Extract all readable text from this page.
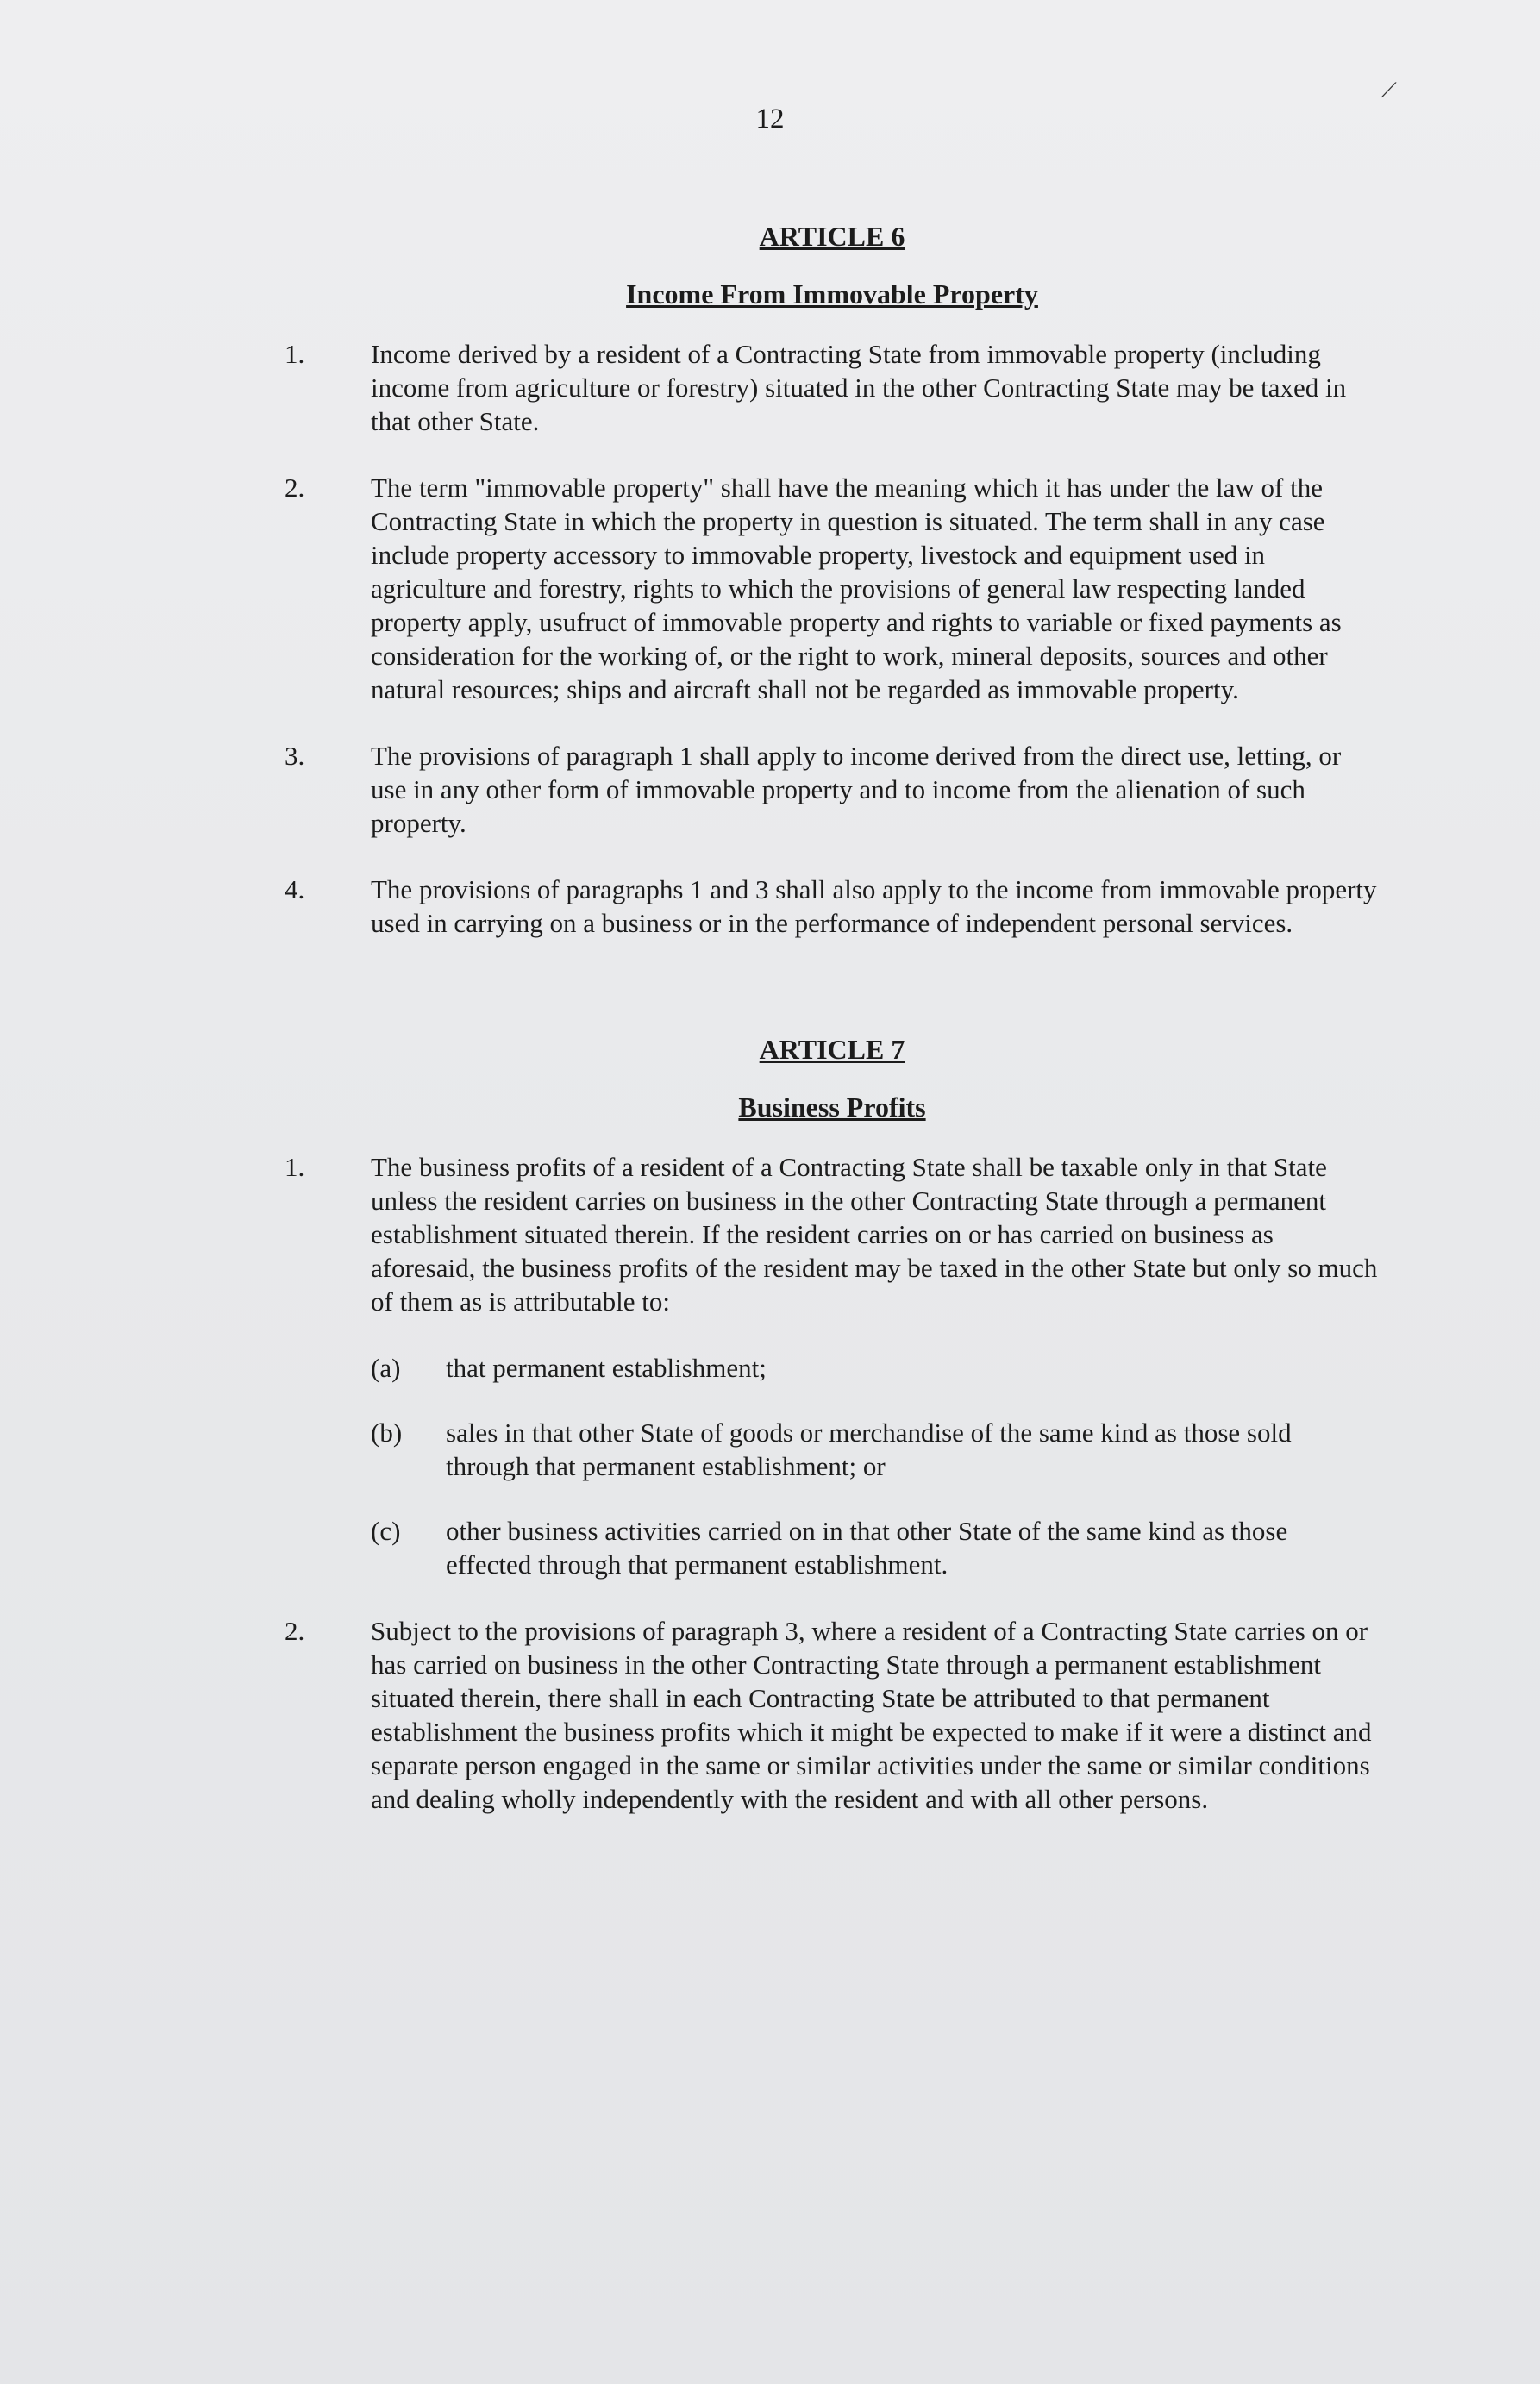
∕
12
ARTICLE 6
Income From Immovable Property
1. Income derived by a resident of a Contracting State from immovable property (including income from agriculture or forestry) situated in the other Contracting State may be taxed in that other State.
2. The term "immovable property" shall have the meaning which it has under the law of the Contracting State in which the property in question is situated. The term shall in any case include property accessory to immovable property, livestock and equipment used in agriculture and forestry, rights to which the provisions of general law respecting landed property apply, usufruct of immovable property and rights to variable or fixed payments as consideration for the working of, or the right to work, mineral deposits, sources and other natural resources; ships and aircraft shall not be regarded as immovable property.
3. The provisions of paragraph 1 shall apply to income derived from the direct use, letting, or use in any other form of immovable property and to income from the alienation of such property.
4. The provisions of paragraphs 1 and 3 shall also apply to the income from immovable property used in carrying on a business or in the performance of independent personal services.
ARTICLE 7
Business Profits
1. The business profits of a resident of a Contracting State shall be taxable only in that State unless the resident carries on business in the other Contracting State through a permanent establishment situated therein. If the resident carries on or has carried on business as aforesaid, the business profits of the resident may be taxed in the other State but only so much of them as is attributable to:
(a) that permanent establishment;
(b) sales in that other State of goods or merchandise of the same kind as those sold through that permanent establishment; or
(c) other business activities carried on in that other State of the same kind as those effected through that permanent establishment.
2. Subject to the provisions of paragraph 3, where a resident of a Contracting State carries on or has carried on business in the other Contracting State through a permanent establishment situated therein, there shall in each Contracting State be attributed to that permanent establishment the business profits which it might be expected to make if it were a distinct and separate person engaged in the same or similar activities under the same or similar conditions and dealing wholly independently with the resident and with all other persons.
